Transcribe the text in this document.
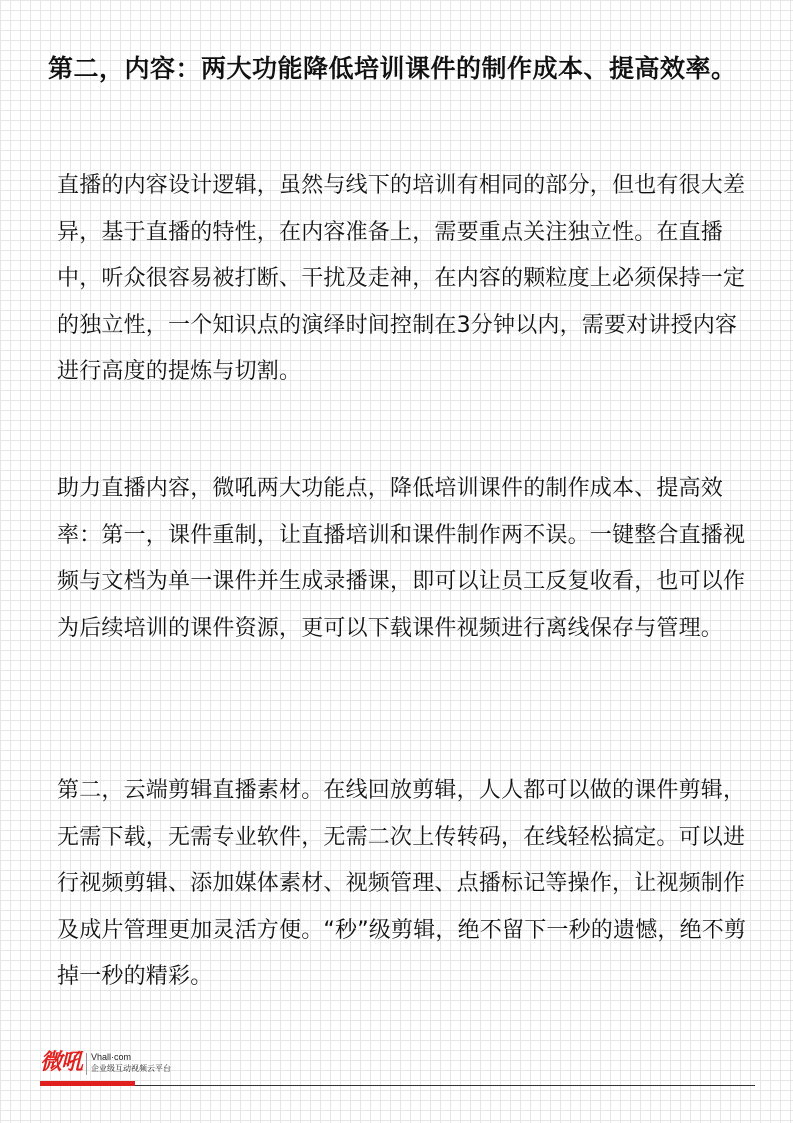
第二，内容：两大功能降低培训课件的制作成本、提高效率。

直播的内容设计逻辑，虽然与线下的培训有相同的部分，但也有很大差异，基于直播的特性，在内容准备上，需要重点关注独立性。在直播中，听众很容易被打断、干扰及走神，在内容的颗粒度上必须保持一定的独立性，一个知识点的演绎时间控制在3分钟以内，需要对讲授内容进行高度的提炼与切割。

助力直播内容，微吼两大功能点，降低培训课件的制作成本、提高效率：第一，课件重制，让直播培训和课件制作两不误。一键整合直播视频与文档为单一课件并生成录播课，即可以让员工反复收看，也可以作为后续培训的课件资源，更可以下载课件视频进行离线保存与管理。

第二，云端剪辑直播素材。在线回放剪辑，人人都可以做的课件剪辑，无需下载，无需专业软件，无需二次上传转码，在线轻松搞定。可以进行视频剪辑、添加媒体素材、视频管理、点播标记等操作，让视频制作及成片管理更加灵活方便。“秒”级剪辑，绝不留下一秒的遗憾，绝不剪掉一秒的精彩。

微吼 Vhall·com
企业级互动视频云平台
